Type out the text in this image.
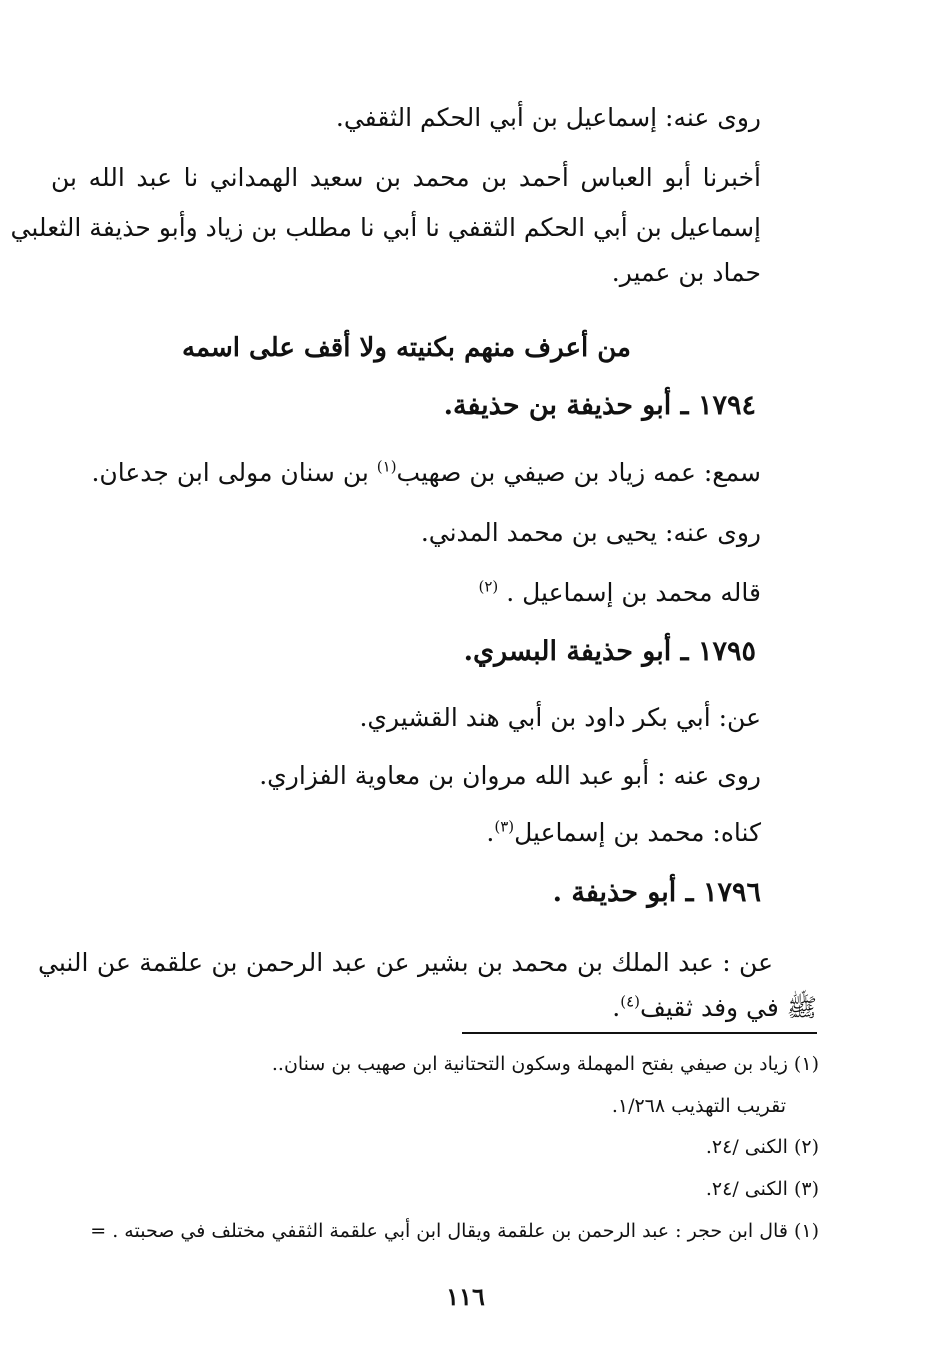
روى عنه: إسماعيل بن أبي الحكم الثقفي.
أخبرنا أبو العباس أحمد بن محمد بن سعيد الهمداني نا عبد الله بن
إسماعيل بن أبي الحكم الثقفي نا أبي نا مطلب بن زياد وأبو حذيفة الثعلبي
حماد بن عمير.
من أعرف منهم بكنيته ولا أقف على اسمه
١٧٩٤ ـ أبو حذيفة بن حذيفة.
سمع: عمه زياد بن صيفي بن صهيب$^{(١)}$ بن سنان مولى ابن جدعان.
روى عنه: يحيى بن محمد المدني.
قاله محمد بن إسماعيل . $^{(٢)}$
١٧٩٥ ـ أبو حذيفة البسري.
عن: أبي بكر داود بن أبي هند القشيري.
روى عنه : أبو عبد الله مروان بن معاوية الفزاري.
كناه: محمد بن إسماعيل$^{(٣)}$.
١٧٩٦ ـ أبو حذيفة .
عن : عبد الملك بن محمد بن بشير عن عبد الرحمن بن علقمة عن النبي
ﷺ في وفد ثقيف$^{(٤)}$.
(١) زياد بن صيفي بفتح المهملة وسكون التحتانية ابن صهيب بن سنان..
تقريب التهذيب ١/٢٦٨.
(٢) الكنى /٢٤.
(٣) الكنى /٢٤.
(١) قال ابن حجر : عبد الرحمن بن علقمة ويقال ابن أبي علقمة الثقفي مختلف في صحبته . =
١١٦
